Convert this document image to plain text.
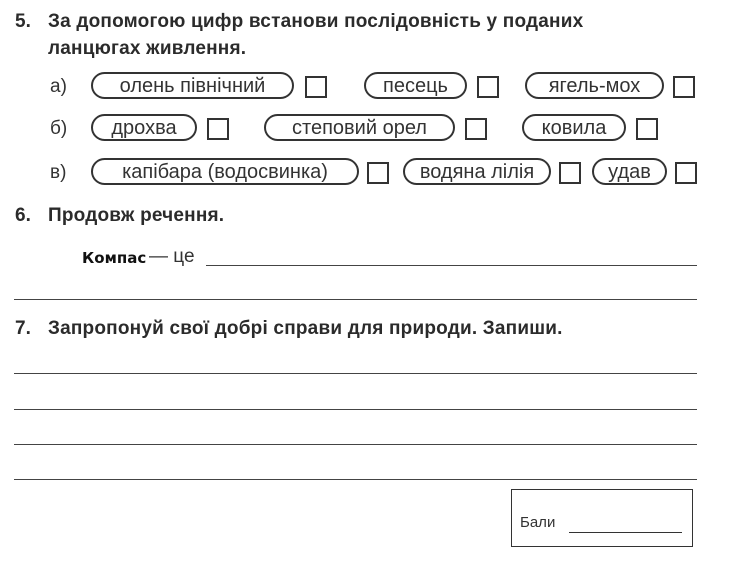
5. За допомогою цифр встанови послідовність у поданих
ланцюгах живлення.
а)	олень північний	песець	ягель-мох
б)	дрохва	степовий орел	ковила
в)	капібара (водосвинка)	водяна лілія	удав
6. Продовж речення.
Компас — це
7. Запропонуй свої добрі справи для природи. Запиши.
Бали
